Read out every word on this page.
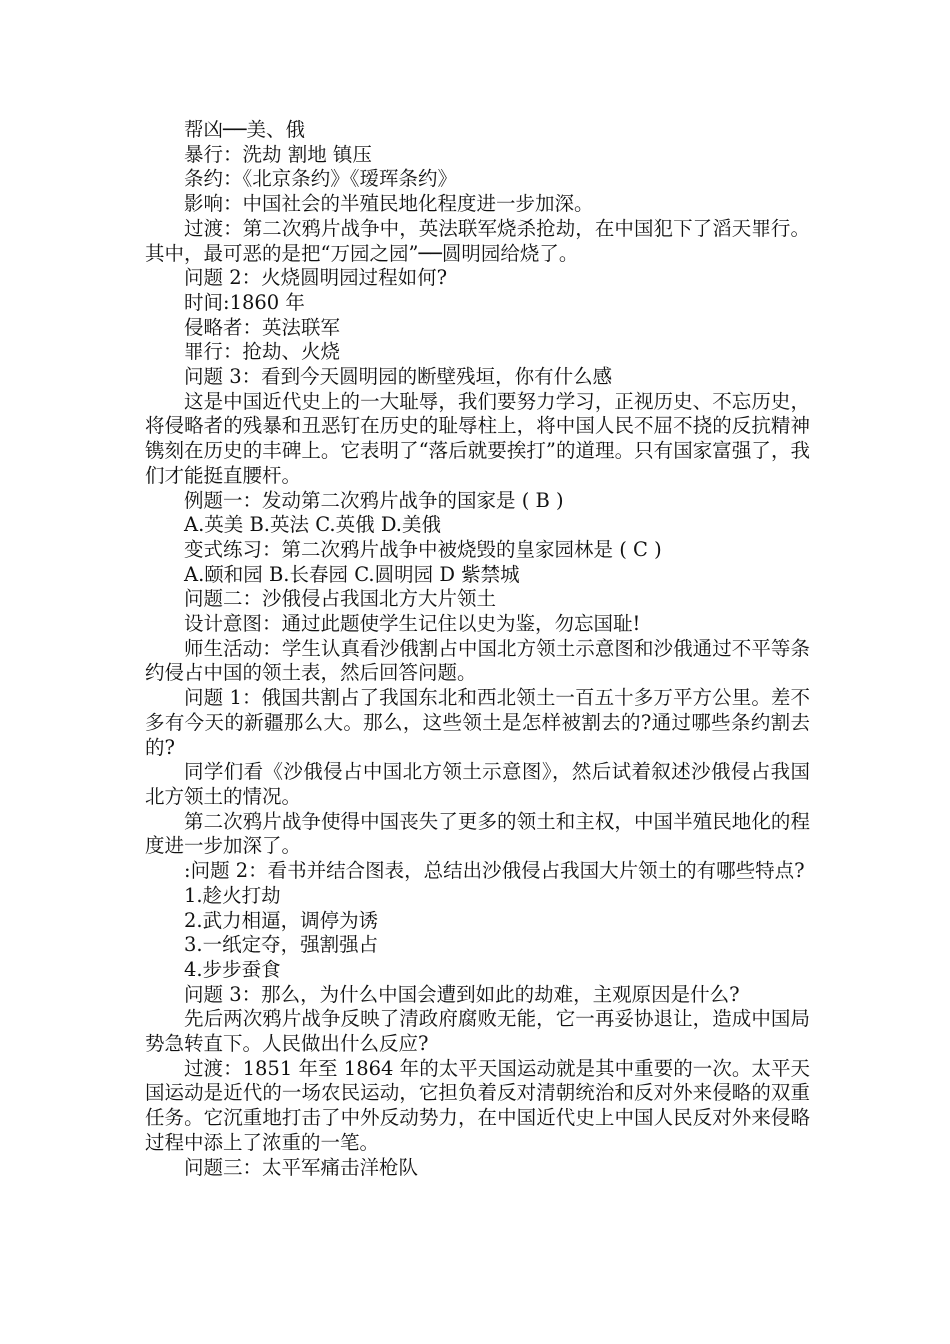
帮凶──美、俄

暴行：洗劫 割地 镇压

条约：《北京条约》《瑷珲条约》

影响：中国社会的半殖民地化程度进一步加深。

过渡：第二次鸦片战争中，英法联军烧杀抢劫，在中国犯下了滔天罪行。其中，最可恶的是把“万园之园”──圆明园给烧了。

问题 2：火烧圆明园过程如何?

时间:1860 年

侵略者：英法联军

罪行：抢劫、火烧

问题 3：看到今天圆明园的断壁残垣，你有什么感

这是中国近代史上的一大耻辱，我们要努力学习，正视历史、不忘历史，将侵略者的残暴和丑恶钉在历史的耻辱柱上，将中国人民不屈不挠的反抗精神镌刻在历史的丰碑上。它表明了“落后就要挨打”的道理。只有国家富强了，我们才能挺直腰杆。

例题一：发动第二次鸦片战争的国家是 ( B )

A.英美 B.英法 C.英俄 D.美俄

变式练习：第二次鸦片战争中被烧毁的皇家园林是 ( C )

A.颐和园 B.长春园 C.圆明园 D 紫禁城

问题二：沙俄侵占我国北方大片领土

设计意图：通过此题使学生记住以史为鉴，勿忘国耻!

师生活动：学生认真看沙俄割占中国北方领土示意图和沙俄通过不平等条约侵占中国的领土表，然后回答问题。

问题 1：俄国共割占了我国东北和西北领土一百五十多万平方公里。差不多有今天的新疆那么大。那么，这些领土是怎样被割去的?通过哪些条约割去的?

同学们看《沙俄侵占中国北方领土示意图》，然后试着叙述沙俄侵占我国北方领土的情况。

第二次鸦片战争使得中国丧失了更多的领土和主权，中国半殖民地化的程度进一步加深了。

:问题 2：看书并结合图表，总结出沙俄侵占我国大片领土的有哪些特点?

1.趁火打劫

2.武力相逼，调停为诱

3.一纸定夺，强割强占

4.步步蚕食

问题 3：那么，为什么中国会遭到如此的劫难，主观原因是什么?

先后两次鸦片战争反映了清政府腐败无能，它一再妥协退让，造成中国局势急转直下。人民做出什么反应?

过渡：1851 年至 1864 年的太平天国运动就是其中重要的一次。太平天国运动是近代的一场农民运动，它担负着反对清朝统治和反对外来侵略的双重任务。它沉重地打击了中外反动势力，在中国近代史上中国人民反对外来侵略过程中添上了浓重的一笔。

问题三：太平军痛击洋枪队
